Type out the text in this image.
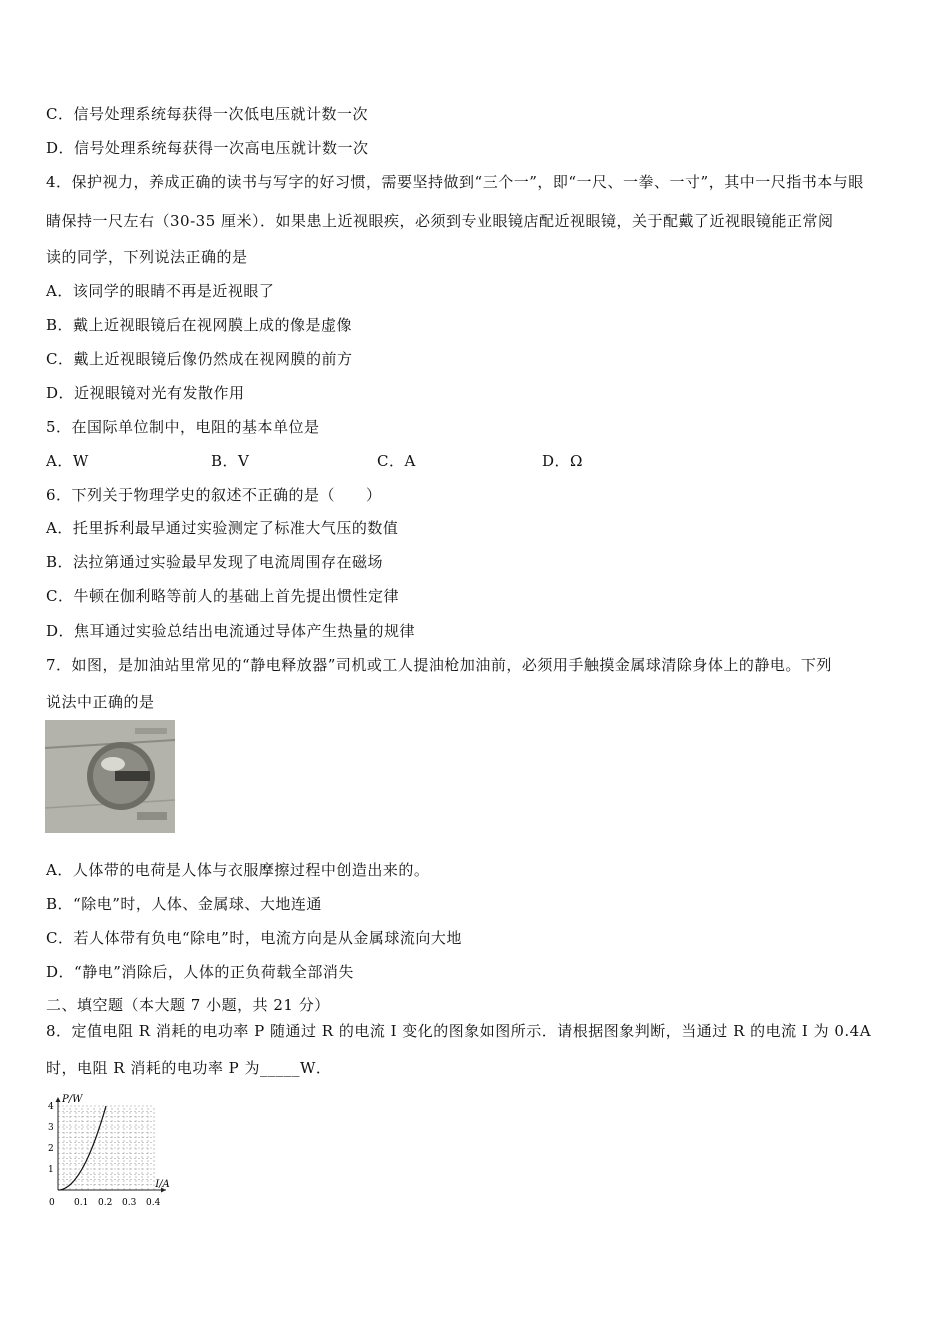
C．信号处理系统每获得一次低电压就计数一次
D．信号处理系统每获得一次高电压就计数一次
4．保护视力，养成正确的读书与写字的好习惯，需要坚持做到“三个一”，即“一尺、一拳、一寸”，其中一尺指书本与眼
睛保持一尺左右（30-35 厘米）．如果患上近视眼疾，必须到专业眼镜店配近视眼镜，关于配戴了近视眼镜能正常阅
读的同学，下列说法正确的是
A．该同学的眼睛不再是近视眼了
B．戴上近视眼镜后在视网膜上成的像是虚像
C．戴上近视眼镜后像仍然成在视网膜的前方
D．近视眼镜对光有发散作用
5．在国际单位制中，电阻的基本单位是
A．W	B．V	C．A	D．Ω
6．下列关于物理学史的叙述不正确的是（　　）
A．托里拆利最早通过实验测定了标准大气压的数值
B．法拉第通过实验最早发现了电流周围存在磁场
C．牛顿在伽利略等前人的基础上首先提出惯性定律
D．焦耳通过实验总结出电流通过导体产生热量的规律
7．如图，是加油站里常见的“静电释放器”司机或工人提油枪加油前，必须用手触摸金属球清除身体上的静电。下列
说法中正确的是
A．人体带的电荷是人体与衣服摩擦过程中创造出来的。
B．“除电”时，人体、金属球、大地连通
C．若人体带有负电“除电”时，电流方向是从金属球流向大地
D．“静电”消除后，人体的正负荷载全部消失
二、填空题（本大题 7 小题，共 21 分）
8．定值电阻 R 消耗的电功率 P 随通过 R 的电流 I 变化的图象如图所示．请根据图象判断，当通过 R 的电流 I 为 0.4A
时，电阻 R 消耗的电功率 P 为_____W．
I/A
P/W
0 0.1 0.2 0.3 0.4
1
2
3
4
